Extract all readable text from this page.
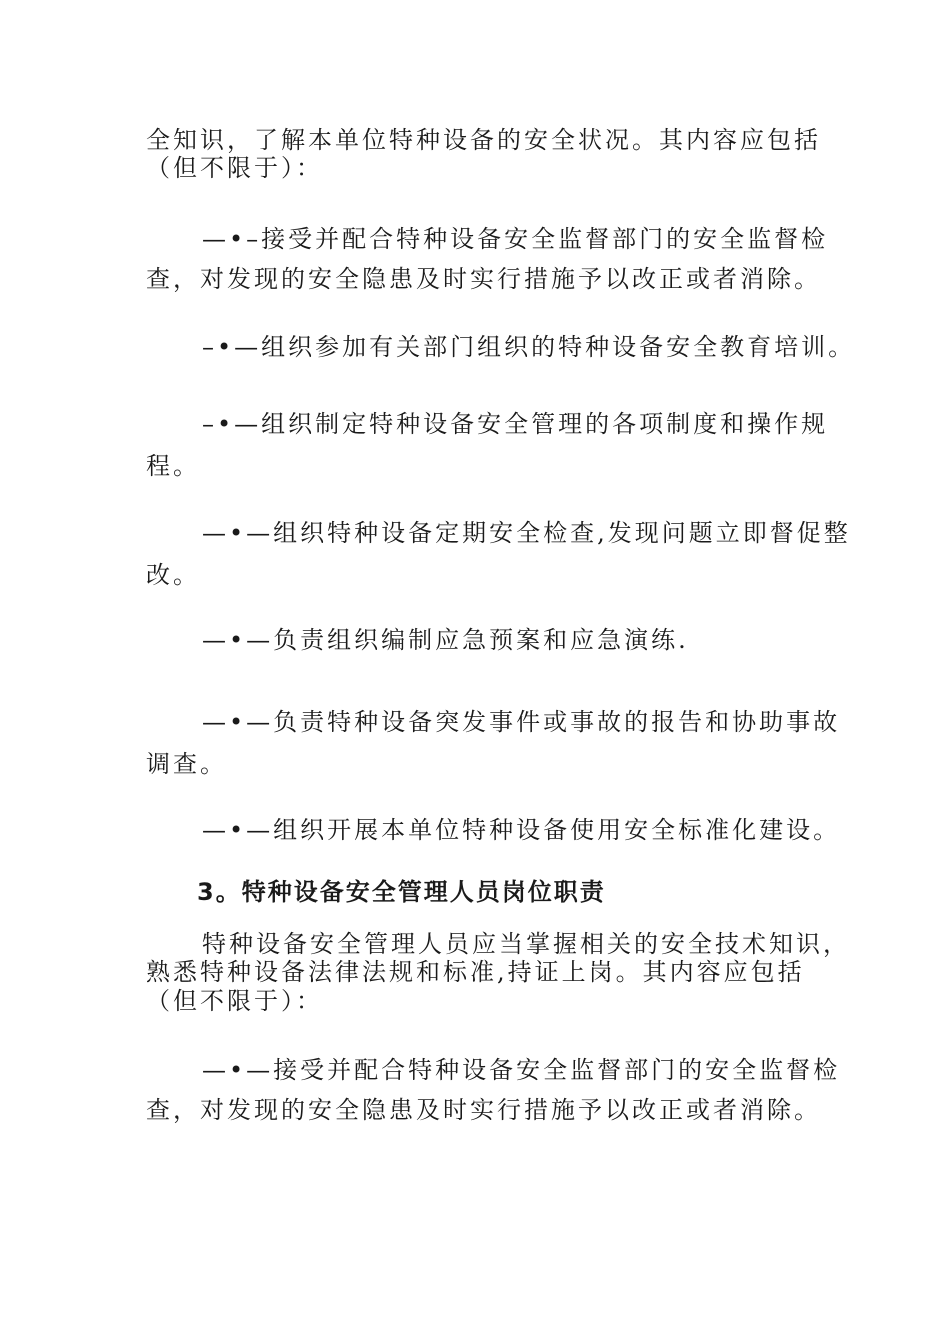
全知识，了解本单位特种设备的安全状况。其内容应包括
（但不限于）：
—•–接受并配合特种设备安全监督部门的安全监督检
查，对发现的安全隐患及时实行措施予以改正或者消除。
–•—组织参加有关部门组织的特种设备安全教育培训。
–•—组织制定特种设备安全管理的各项制度和操作规
程。
—•—组织特种设备定期安全检查,发现问题立即督促整
改。
—•—负责组织编制应急预案和应急演练.
—•—负责特种设备突发事件或事故的报告和协助事故
调查。
—•—组织开展本单位特种设备使用安全标准化建设。
3。特种设备安全管理人员岗位职责
特种设备安全管理人员应当掌握相关的安全技术知识，
熟悉特种设备法律法规和标准,持证上岗。其内容应包括
（但不限于）：
—•—接受并配合特种设备安全监督部门的安全监督检
查，对发现的安全隐患及时实行措施予以改正或者消除。
